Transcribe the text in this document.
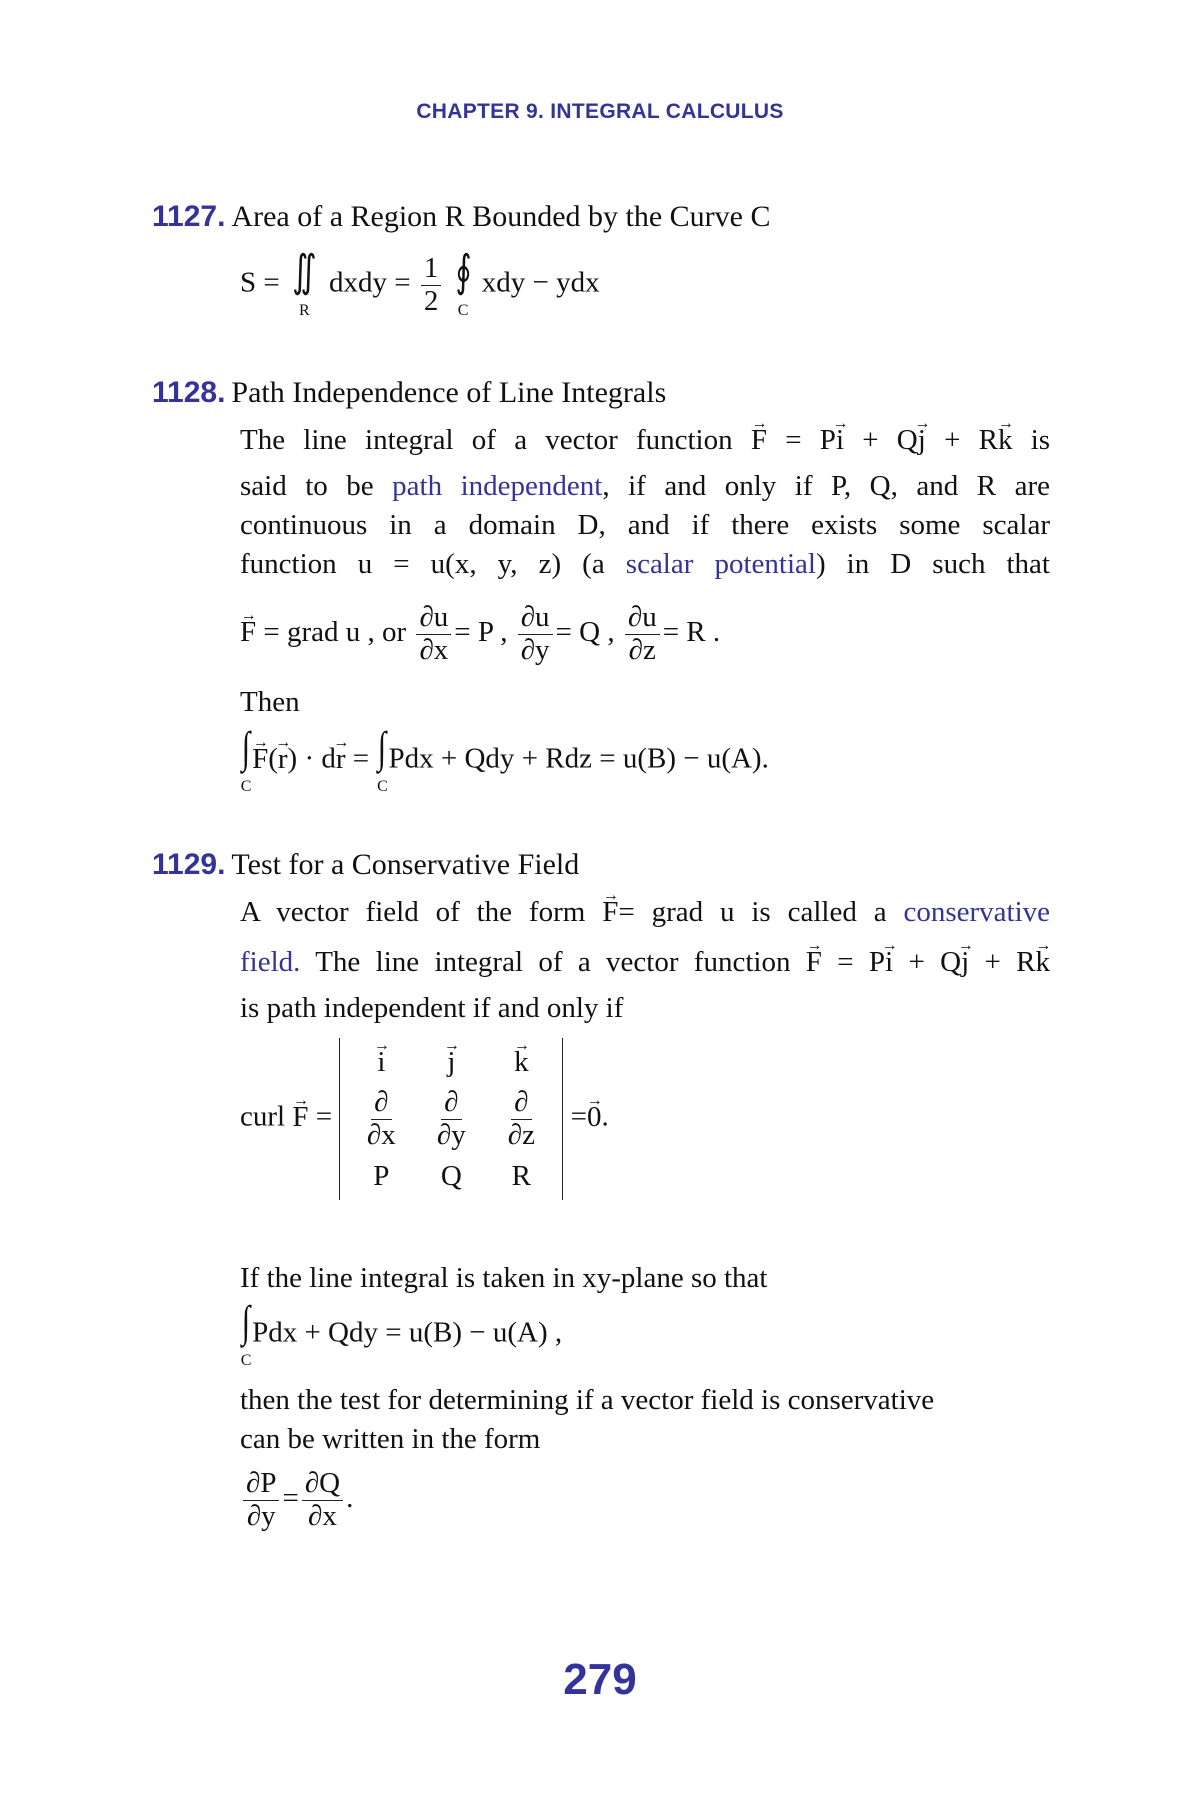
CHAPTER 9. INTEGRAL CALCULUS
1127. Area of a Region R Bounded by the Curve C
S = ∬
R
dxdy = $\frac{1}{2}$
∮
C
xdy − ydx
1128. Path Independence of Line Integrals
The line integral of a vector function → F = P→ i + Q→ j + R→ k is
said to be path independent, if and only if P, Q, and R are
continuous in a domain D, and if there exists some scalar
function u = u(x, y, z) (a scalar potential) in D such that
→ F = grad u , or $\frac{\partial u}{\partial x} = P$ , $\frac{\partial u}{\partial y} = Q$ , $\frac{\partial u}{\partial z} = R$ .
Then
∫
C
→ F(→ r) · d→ r = ∫
C
Pdx + Qdy + Rdz = u(B) − u(A).
1129. Test for a Conservative Field
A vector field of the form → F= grad u is called a conservative
field. The line integral of a vector function → F = P→ i + Q→ j + R→ k
is path independent if and only if
curl → F =
→ i
$\frac{\partial}{\partial x}$
P
→ j
$\frac{\partial}{\partial y}$
Q
→ k
$\frac{\partial}{\partial z}$
R
=→ 0.
If the line integral is taken in xy-plane so that
∫
C
Pdx + Qdy = u(B) − u(A) ,
then the test for determining if a vector field is conservative
can be written in the form
$\frac{\partial P}{\partial y} = \frac{\partial Q}{\partial x}$ .
279
